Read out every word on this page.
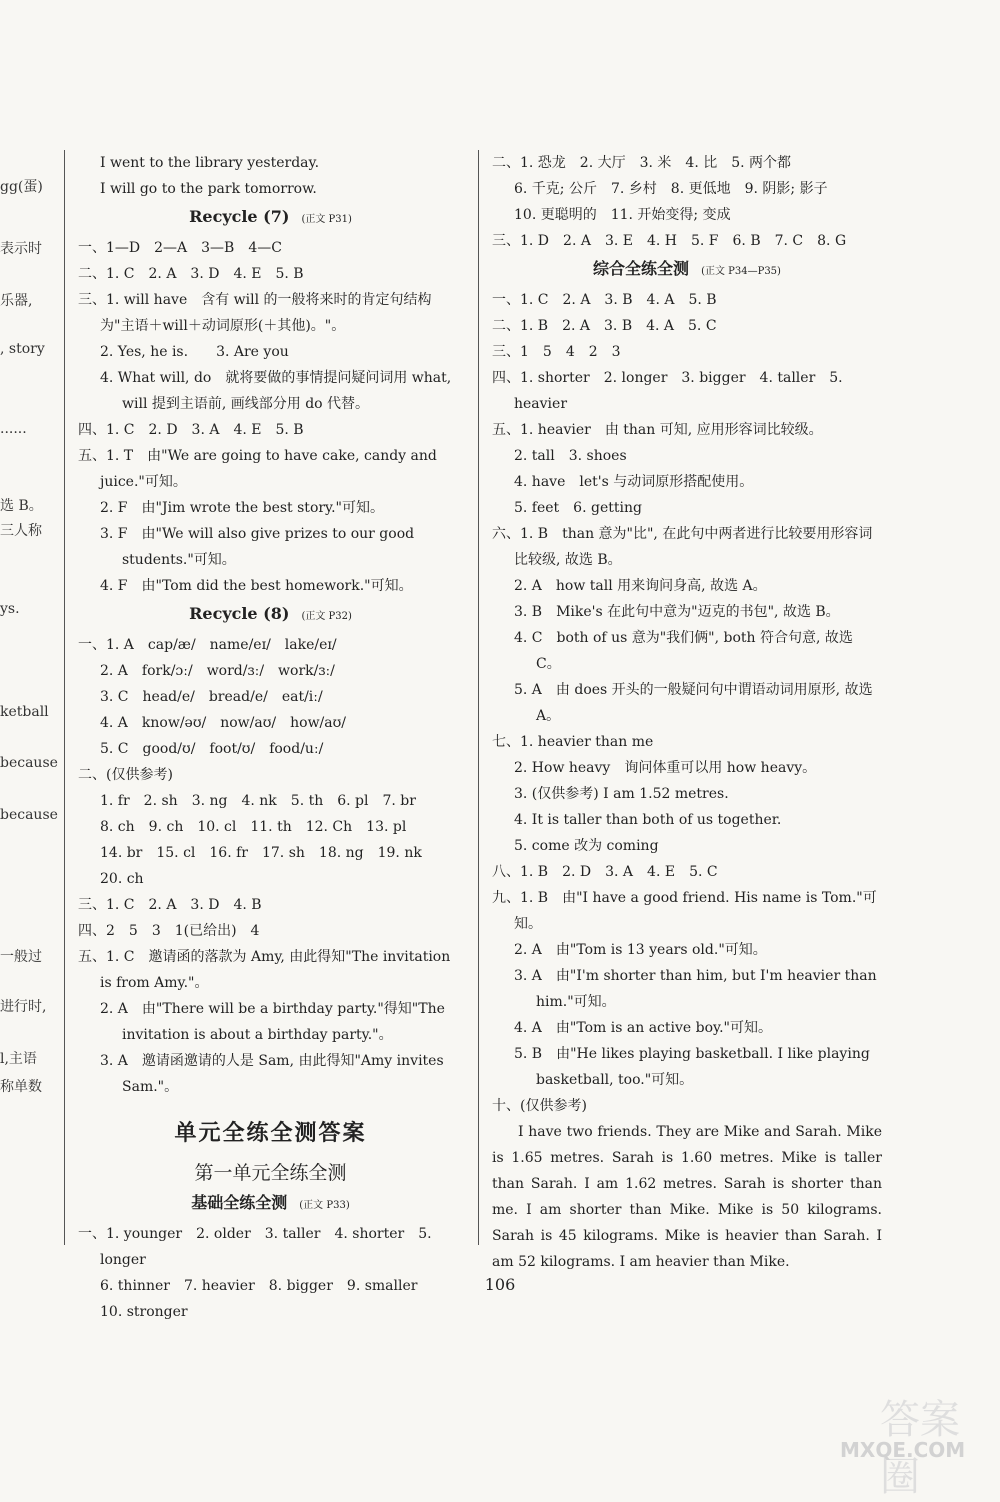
gg(蛋)
表示时
乐器,
, story
......
选 B。
三人称
ys.
ketball
because
because
一般过
进行时,
l,主语
称单数
I went to the library yesterday.
I will go to the park tomorrow.
Recycle (7) (正文 P31)
一、1—D　2—A　3—B　4—C
二、1. C　2. A　3. D　4. E　5. B
三、1. will have　含有 will 的一般将来时的肯定句结构为"主语＋will＋动词原形(＋其他)。"。
2. Yes, he is.　　3. Are you
4. What will, do　就将要做的事情提问疑问词用 what, will 提到主语前, 画线部分用 do 代替。
四、1. C　2. D　3. A　4. E　5. B
五、1. T　由"We are going to have cake, candy and juice."可知。
2. F　由"Jim wrote the best story."可知。
3. F　由"We will also give prizes to our good students."可知。
4. F　由"Tom did the best homework."可知。
Recycle (8) (正文 P32)
一、1. A　cap/æ/　name/eɪ/　lake/eɪ/
2. A　fork/ɔː/　word/ɜː/　work/ɜː/
3. C　head/e/　bread/e/　eat/iː/
4. A　know/əʊ/　now/aʊ/　how/aʊ/
5. C　good/ʊ/　foot/ʊ/　food/uː/
二、(仅供参考)
1. fr　2. sh　3. ng　4. nk　5. th　6. pl　7. br
8. ch　9. ch　10. cl　11. th　12. Ch　13. pl
14. br　15. cl　16. fr　17. sh　18. ng　19. nk
20. ch
三、1. C　2. A　3. D　4. B
四、2　5　3　1(已给出)　4
五、1. C　邀请函的落款为 Amy, 由此得知"The invitation is from Amy."。
2. A　由"There will be a birthday party."得知"The invitation is about a birthday party."。
3. A　邀请函邀请的人是 Sam, 由此得知"Amy invites Sam."。
单元全练全测答案
第一单元全练全测
基础全练全测 (正文 P33)
一、1. younger　2. older　3. taller　4. shorter　5. longer
6. thinner　7. heavier　8. bigger　9. smaller
10. stronger
二、1. 恐龙　2. 大厅　3. 米　4. 比　5. 两个都
6. 千克; 公斤　7. 乡村　8. 更低地　9. 阴影; 影子
10. 更聪明的　11. 开始变得; 变成
三、1. D　2. A　3. E　4. H　5. F　6. B　7. C　8. G
综合全练全测 (正文 P34—P35)
一、1. C　2. A　3. B　4. A　5. B
二、1. B　2. A　3. B　4. A　5. C
三、1　5　4　2　3
四、1. shorter　2. longer　3. bigger　4. taller　5. heavier
五、1. heavier　由 than 可知, 应用形容词比较级。
2. tall　3. shoes
4. have　let's 与动词原形搭配使用。
5. feet　6. getting
六、1. B　than 意为"比", 在此句中两者进行比较要用形容词比较级, 故选 B。
2. A　how tall 用来询问身高, 故选 A。
3. B　Mike's 在此句中意为"迈克的书包", 故选 B。
4. C　both of us 意为"我们俩", both 符合句意, 故选 C。
5. A　由 does 开头的一般疑问句中谓语动词用原形, 故选 A。
七、1. heavier than me
2. How heavy　询问体重可以用 how heavy。
3. (仅供参考) I am 1.52 metres.
4. It is taller than both of us together.
5. come 改为 coming
八、1. B　2. D　3. A　4. E　5. C
九、1. B　由"I have a good friend. His name is Tom."可知。
2. A　由"Tom is 13 years old."可知。
3. A　由"I'm shorter than him, but I'm heavier than him."可知。
4. A　由"Tom is an active boy."可知。
5. B　由"He likes playing basketball. I like playing basketball, too."可知。
十、(仅供参考)
I have two friends. They are Mike and Sarah. Mike is 1.65 metres. Sarah is 1.60 metres. Mike is taller than Sarah. I am 1.62 metres. Sarah is shorter than me. I am shorter than Mike. Mike is 50 kilograms. Sarah is 45 kilograms. Mike is heavier than Sarah. I am 52 kilograms. I am heavier than Mike.
106
答案圈
MXQE.COM
